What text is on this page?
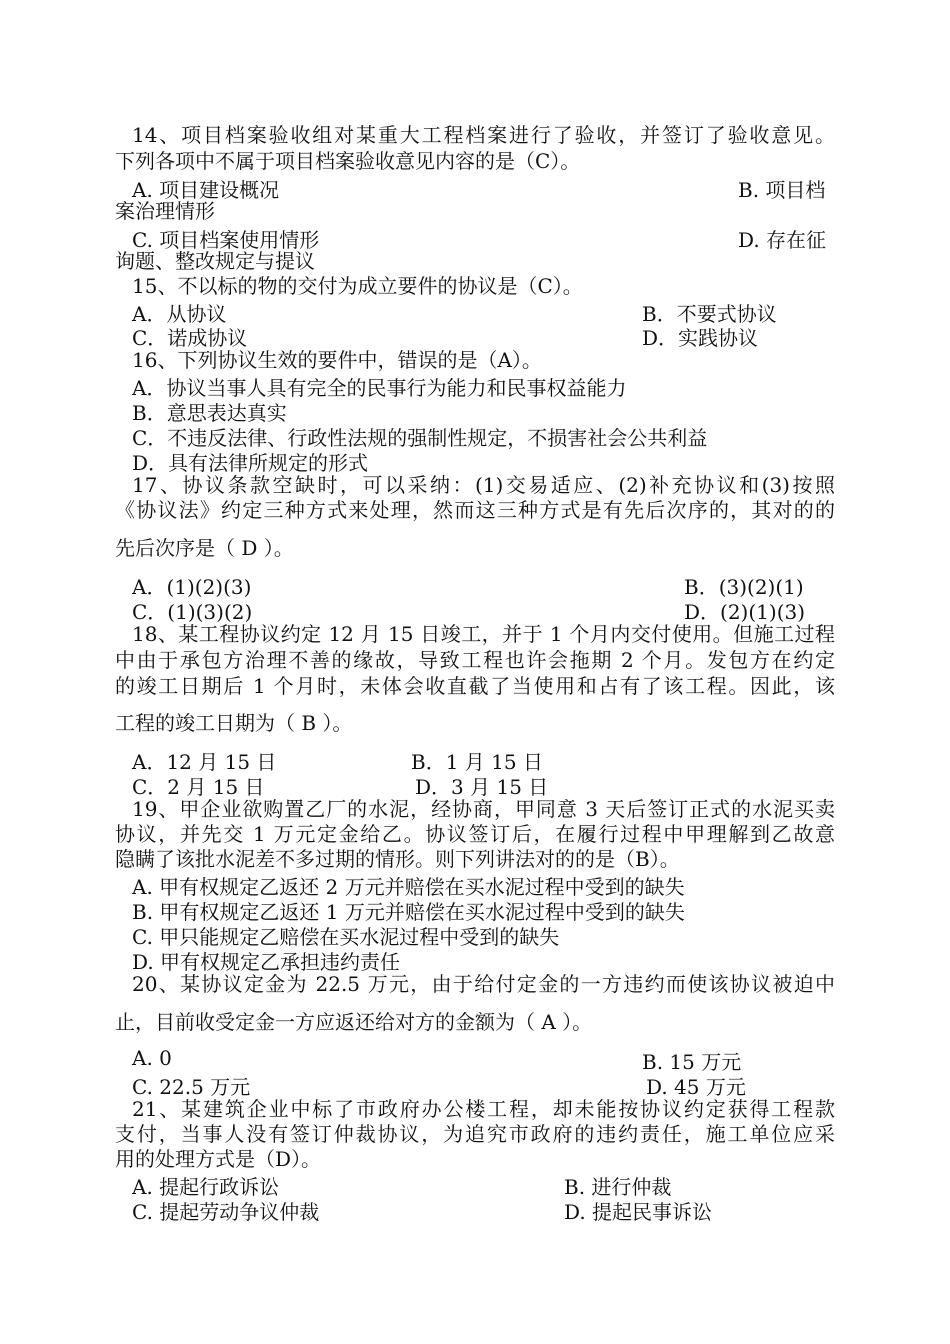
14、项目档案验收组对某重大工程档案进行了验收，并签订了验收意见。
下列各项中不属于项目档案验收意见内容的是（C）。
A. 项目建设概况	B. 项目档
案治理情形
C. 项目档案使用情形	D. 存在征
询题、整改规定与提议
15、不以标的物的交付为成立要件的协议是（C）。
A．从协议	B．不要式协议
C．诺成协议	D．实践协议
16、下列协议生效的要件中，错误的是（A）。
A．协议当事人具有完全的民事行为能力和民事权益能力
B．意思表达真实
C．不违反法律、行政性法规的强制性规定，不损害社会公共利益
D．具有法律所规定的形式
17、协议条款空缺时，可以采纳：(1)交易适应、(2)补充协议和(3)按照
《协议法》约定三种方式来处理，然而这三种方式是有先后次序的，其对的的
先后次序是（ D ）。
A．(1)(2)(3)	B．(3)(2)(1)
C．(1)(3)(2)	D．(2)(1)(3)
18、某工程协议约定 12 月 15 日竣工，并于 1 个月内交付使用。但施工过程
中由于承包方治理不善的缘故，导致工程也许会拖期 2 个月。发包方在约定
的竣工日期后 1 个月时，未体会收直截了当使用和占有了该工程。因此，该
工程的竣工日期为（ B ）。
A．12 月 15 日	B．1 月 15 日
C．2 月 15 日	D．3 月 15 日
19、甲企业欲购置乙厂的水泥，经协商，甲同意 3 天后签订正式的水泥买卖
协议，并先交 1 万元定金给乙。协议签订后，在履行过程中甲理解到乙故意
隐瞒了该批水泥差不多过期的情形。则下列讲法对的的是（B）。
A. 甲有权规定乙返还 2 万元并赔偿在买水泥过程中受到的缺失
B. 甲有权规定乙返还 1 万元并赔偿在买水泥过程中受到的缺失
C. 甲只能规定乙赔偿在买水泥过程中受到的缺失
D. 甲有权规定乙承担违约责任
20、某协议定金为 22.5 万元，由于给付定金的一方违约而使该协议被迫中
止，目前收受定金一方应返还给对方的金额为（ A ）。
A. 0	B. 15 万元
C. 22.5 万元	D. 45 万元
21、某建筑企业中标了市政府办公楼工程，却未能按协议约定获得工程款
支付，当事人没有签订仲裁协议，为追究市政府的违约责任，施工单位应采
用的处理方式是（D）。
A. 提起行政诉讼	B. 进行仲裁
C. 提起劳动争议仲裁	D. 提起民事诉讼
